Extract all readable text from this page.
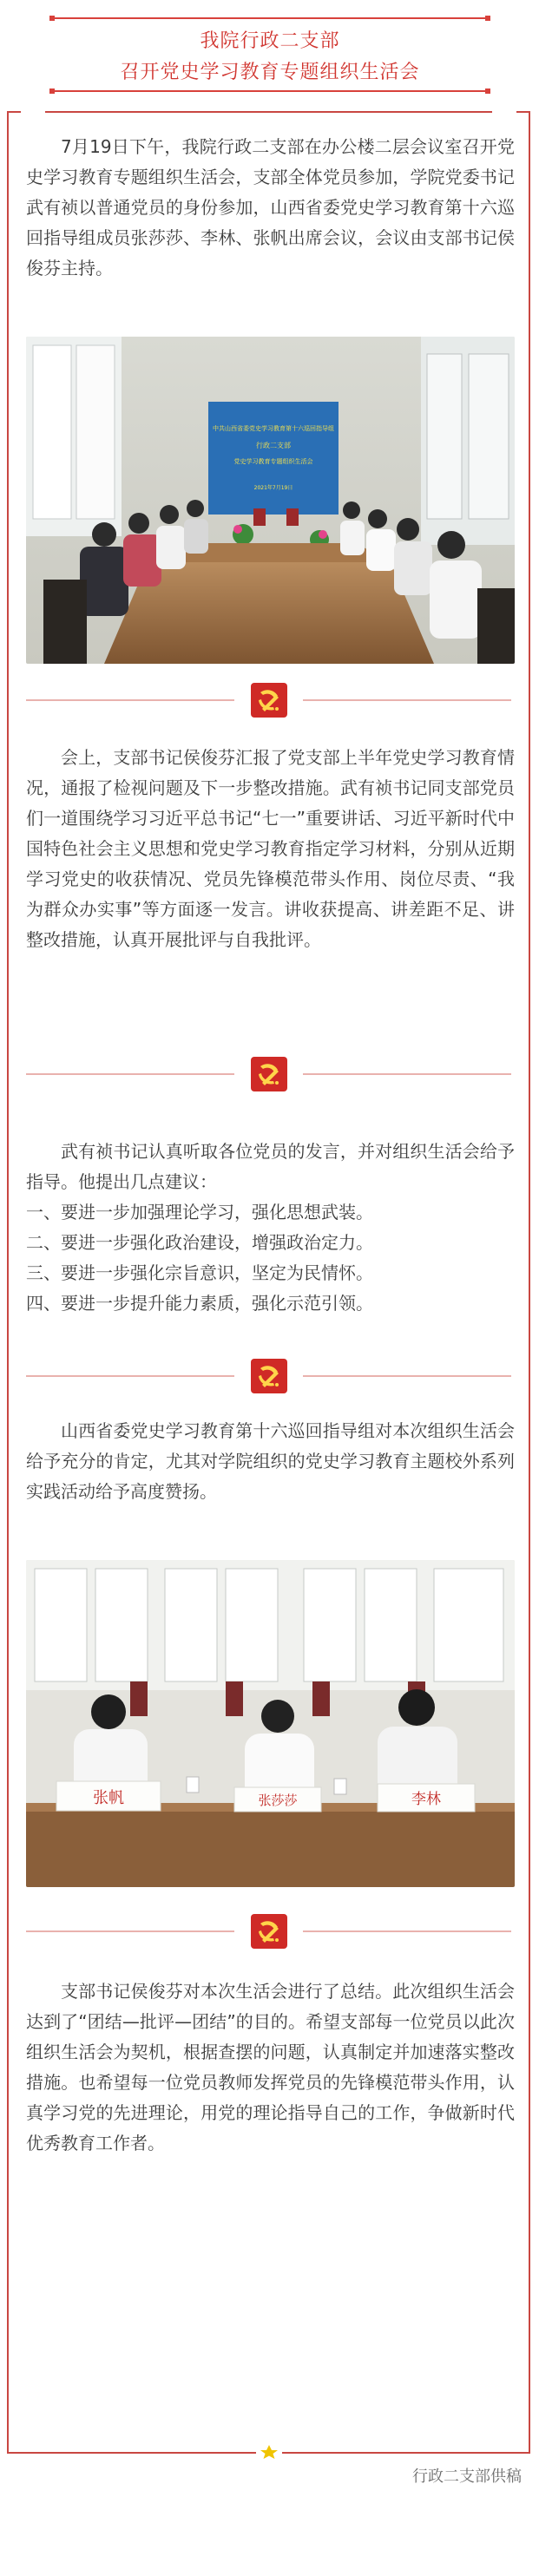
我院行政二支部
召开党史学习教育专题组织生活会

7月19日下午，我院行政二支部在办公楼二层会议室召开党史学习教育专题组织生活会，支部全体党员参加，学院党委书记武有祯以普通党员的身份参加，山西省委党史学习教育第十六巡回指导组成员张莎莎、李林、张帆出席会议，会议由支部书记侯俊芬主持。

中共山西省委党史学习教育第十六巡回指导组
行政二支部
党史学习教育专题组织生活会
2021年7月19日

会上，支部书记侯俊芬汇报了党支部上半年党史学习教育情况，通报了检视问题及下一步整改措施。武有祯书记同支部党员们一道围绕学习习近平总书记“七一”重要讲话、习近平新时代中国特色社会主义思想和党史学习教育指定学习材料，分别从近期学习党史的收获情况、党员先锋模范带头作用、岗位尽责、“我为群众办实事”等方面逐一发言。讲收获提高、讲差距不足、讲整改措施，认真开展批评与自我批评。

武有祯书记认真听取各位党员的发言，并对组织生活会给予指导。他提出几点建议：

一、要进一步加强理论学习，强化思想武装。

二、要进一步强化政治建设，增强政治定力。

三、要进一步强化宗旨意识，坚定为民情怀。

四、要进一步提升能力素质，强化示范引领。

山西省委党史学习教育第十六巡回指导组对本次组织生活会给予充分的肯定，尤其对学院组织的党史学习教育主题校外系列实践活动给予高度赞扬。

张帆	张莎莎	李林

支部书记侯俊芬对本次生活会进行了总结。此次组织生活会达到了“团结—批评—团结”的目的。希望支部每一位党员以此次组织生活会为契机，根据查摆的问题，认真制定并加速落实整改措施。也希望每一位党员教师发挥党员的先锋模范带头作用，认真学习党的先进理论，用党的理论指导自己的工作，争做新时代优秀教育工作者。

行政二支部供稿
